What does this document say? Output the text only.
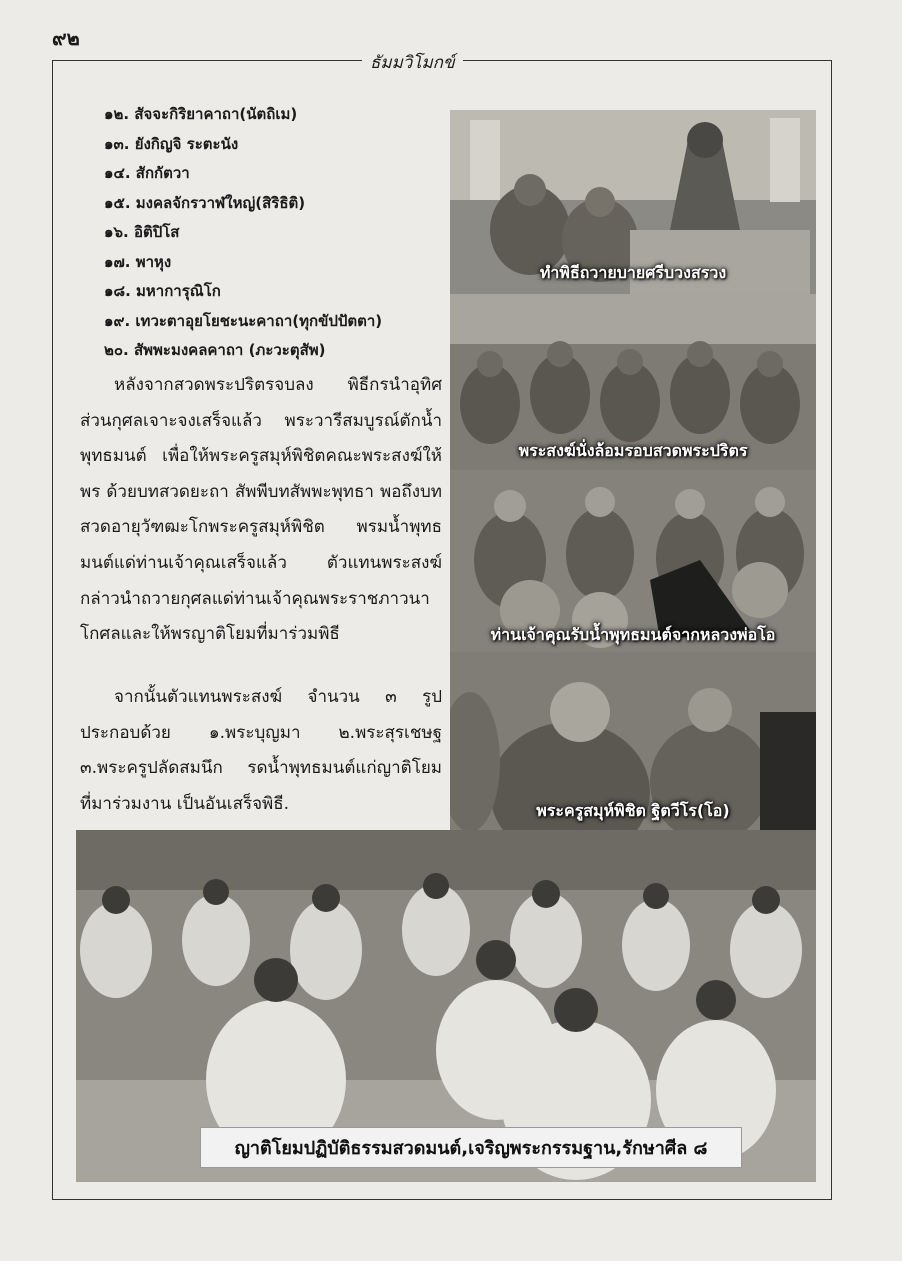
๙๒
ธัมมวิโมกข์
๑๒. สัจจะกิริยาคาถา(นัตถิเม)
๑๓. ยังกิญจิ ระตะนัง
๑๔. สักกัตวา
๑๕. มงคลจักรวาฬใหญ่(สิริธิติ)
๑๖. อิติปิโส
๑๗. พาหุง
๑๘. มหาการุณิโก
๑๙. เทวะตาอุยโยชะนะคาถา(ทุกขัปปัตตา)
๒๐. สัพพะมงคลคาถา (ภะวะตุสัพ)

หลังจากสวดพระปริตรจบลง พิธีกรนำอุทิศส่วนกุศลเจาะจงเสร็จแล้ว พระวารีสมบูรณ์ตักน้ำพุทธมนต์ เพื่อให้พระครูสมุห์พิชิตคณะพระสงฆ์ให้พร ด้วยบทสวดยะถา สัพพีบทสัพพะพุทธา พอถึงบทสวดอายุวัฑฒะโกพระครูสมุห์พิชิต พรมน้ำพุทธมนต์แด่ท่านเจ้าคุณเสร็จแล้ว ตัวแทนพระสงฆ์กล่าวนำถวายกุศลแด่ท่านเจ้าคุณพระราชภาวนาโกศลและให้พรญาติโยมที่มาร่วมพิธี

จากนั้นตัวแทนพระสงฆ์ จำนวน ๓ รูปประกอบด้วย ๑.พระบุญมา ๒.พระสุรเชษฐ ๓.พระครูปลัดสมนึก รดน้ำพุทธมนต์แก่ญาติโยมที่มาร่วมงาน เป็นอันเสร็จพิธี.

ทำพิธีถวายบายศรีบวงสรวง
พระสงฆ์นั่งล้อมรอบสวดพระปริตร
ท่านเจ้าคุณรับน้ำพุทธมนต์จากหลวงพ่อโอ
พระครูสมุห์พิชิต ฐิตวีโร(โอ)
ญาติโยมปฏิบัติธรรมสวดมนต์,เจริญพระกรรมฐาน,รักษาศีล ๘
